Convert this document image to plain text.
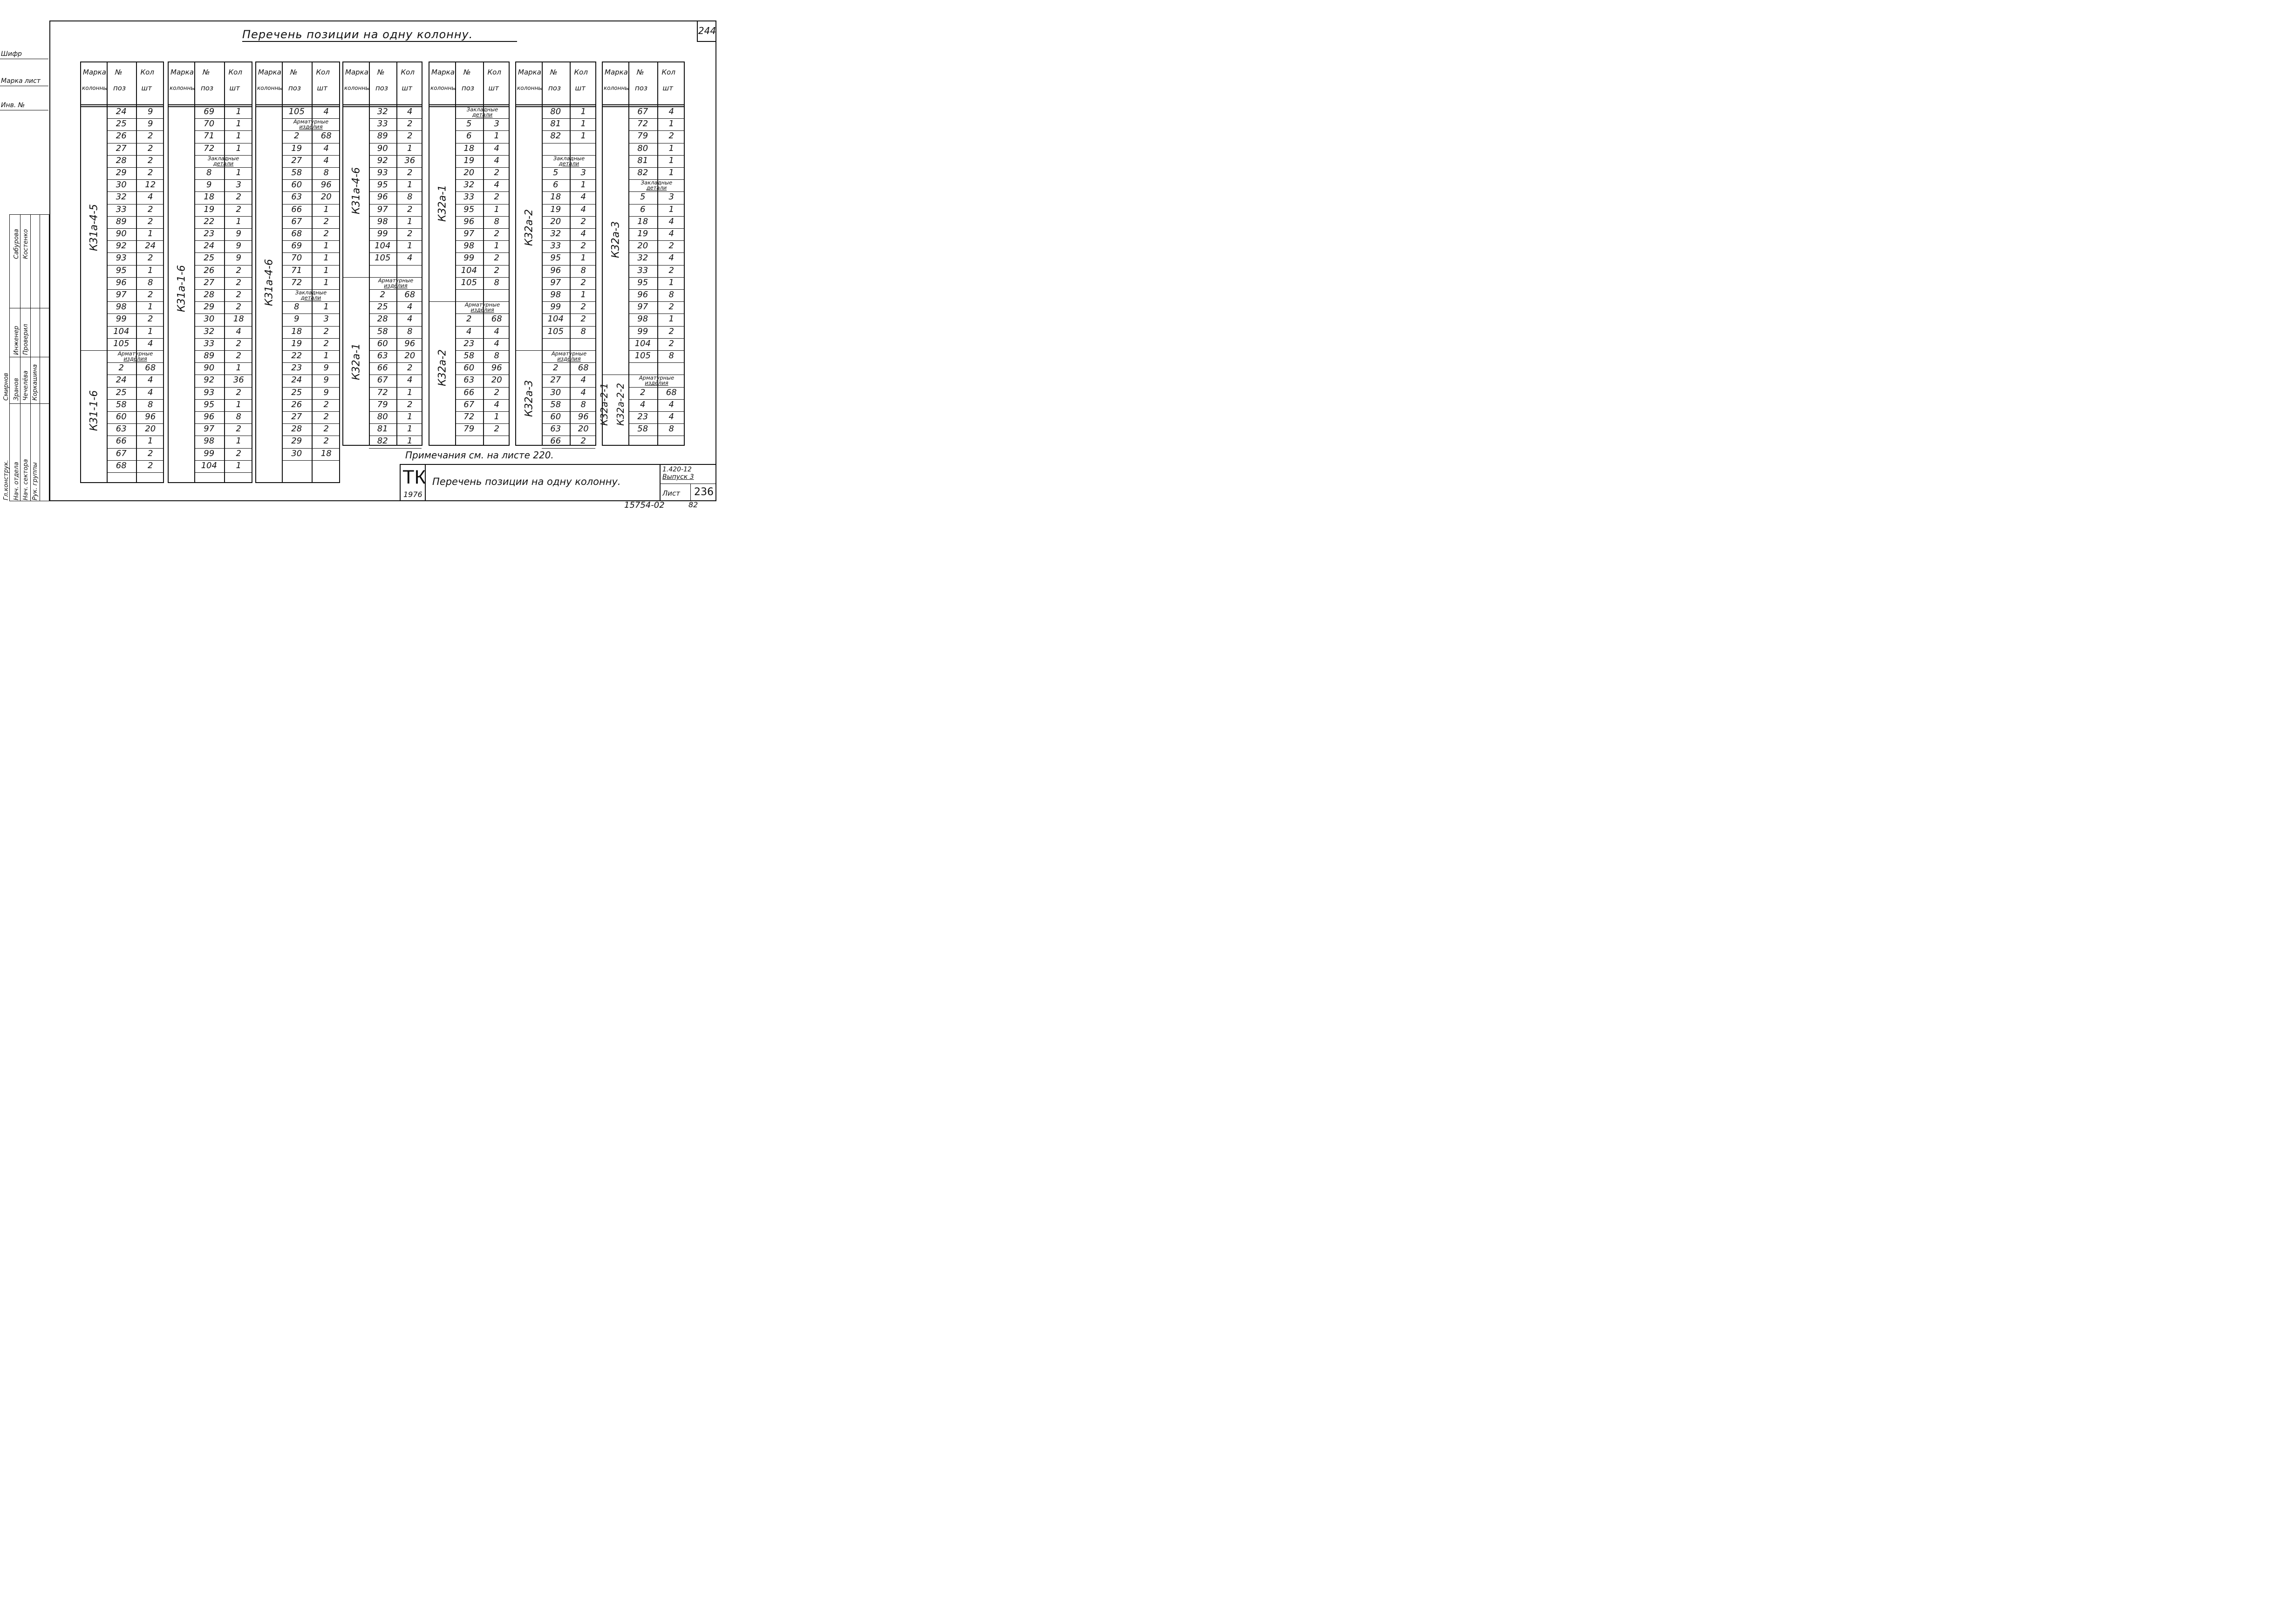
244
Перечень позиции на одну колонну.
Шифр
Марка лист
Инв. №
Гл.конструк. Нач. отдела Нач. сектора Рук. группы
Смирнов Зранов Чечелёва Коркашина
Инженер Проверил
Сабурова Костенко
Марка
колонны
№
поз
Кол
шт
24	9
25	9
26	2
27	2
28	2
29	2
30	12
32	4
33	2
89	2
90	1
92	24
93	2
95	1
96	8
97	2
98	1
99	2
104	1
105	4
Арматурные
изделия
2	68
24	4
25	4
58	8
60	96
63	20
66	1
67	2
68	2
К31а-4-5
К31-1-6
Марка
колонны
№
поз
Кол
шт
69	1
70	1
71	1
72	1
Закладные
детали
8	1
9	3
18	2
19	2
22	1
23	9
24	9
25	9
26	2
27	2
28	2
29	2
30	18
32	4
33	2
89	2
90	1
92	36
93	2
95	1
96	8
97	2
98	1
99	2
104	1
К31а-1-6
Марка
колонны
№
поз
Кол
шт
105	4
Арматурные
изделия
2	68
19	4
27	4
58	8
60	96
63	20
66	1
67	2
68	2
69	1
70	1
71	1
72	1
Закладные
детали
8	1
9	3
18	2
19	2
22	1
23	9
24	9
25	9
26	2
27	2
28	2
29	2
30	18
К31а-4-6
Марка
колонны
№
поз
Кол
шт
32	4
33	2
89	2
90	1
92	36
93	2
95	1
96	8
97	2
98	1
99	2
104	1
105	4
Арматурные
изделия
2	68
25	4
28	4
58	8
60	96
63	20
66	2
67	4
72	1
79	2
80	1
81	1
82	1
К31а-4-6
К32а-1
Марка
колонны
№
поз
Кол
шт
Закладные
детали
5	3
6	1
18	4
19	4
20	2
32	4
33	2
95	1
96	8
97	2
98	1
99	2
104	2
105	8
Арматурные
изделия
2	68
4	4
23	4
58	8
60	96
63	20
66	2
67	4
72	1
79	2
К32а-1
К32а-2
Марка
колонны
№
поз
Кол
шт
80	1
81	1
82	1
Закладные
детали
5	3
6	1
18	4
19	4
20	2
32	4
33	2
95	1
96	8
97	2
98	1
99	2
104	2
105	8
Арматурные
изделия
2	68
27	4
30	4
58	8
60	96
63	20
66	2
К32а-2
К32а-3
Марка
колонны
№
поз
Кол
шт
67	4
72	1
79	2
80	1
81	1
82	1
Закладные
детали
5	3
6	1
18	4
19	4
20	2
32	4
33	2
95	1
96	8
97	2
98	1
99	2
104	2
105	8
Арматурные
изделия
2	68
4	4
23	4
58	8
К32а-3
К32а-2-1 К32а-2-2
Примечания см. на листе 220.
ТК
1976
Перечень позиции на одну колонну.
1.420-12
Выпуск 3
Лист 236
15754-02	82
